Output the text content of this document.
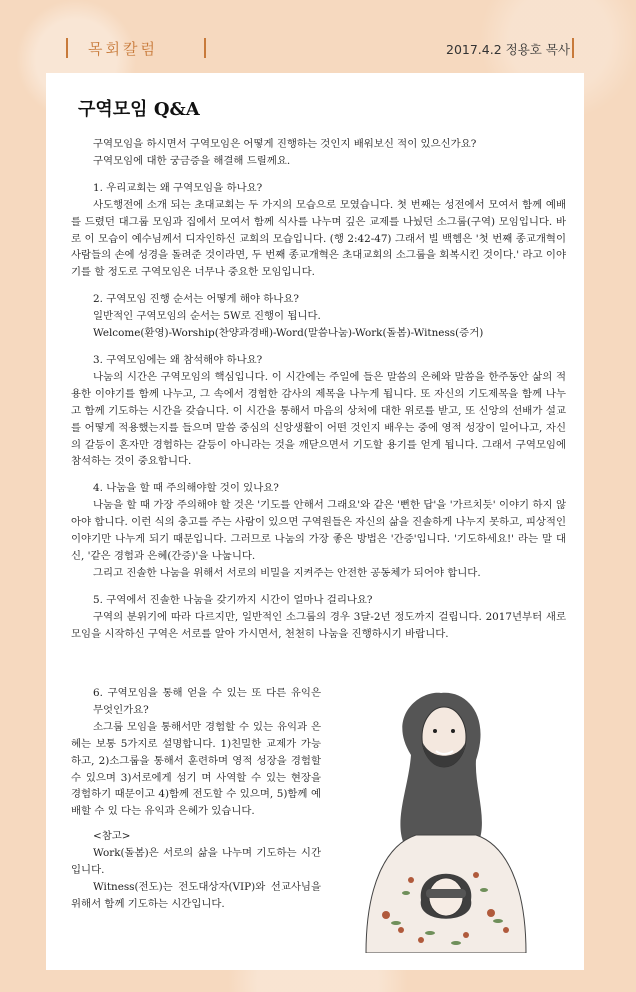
목회칼럼	2017.4.2 정용호 목사
구역모임 Q&A

구역모임을 하시면서 구역모임은 어떻게 진행하는 것인지 배워보신 적이 있으신가요?

구역모임에 대한 궁금증을 해결해 드릴께요.

1. 우리교회는 왜 구역모임을 하나요?

사도행전에 소개 되는 초대교회는 두 가지의 모습으로 모였습니다. 첫 번째는 성전에서 모여서 함께 예배를 드렸던 대그룹 모임과 집에서 모여서 함께 식사를 나누며 깊은 교제를 나눴던 소그룹(구역) 모임입니다. 바로 이 모습이 예수님께서 디자인하신 교회의 모습입니다. (행 2:42-47) 그래서 빌 백헴은 '첫 번째 종교개혁이 사람들의 손에 성경을 돌려준 것이라면, 두 번째 종교개혁은 초대교회의 소그룹을 회복시킨 것이다.' 라고 이야기를 할 정도로 구역모임은 너무나 중요한 모임입니다.

2. 구역모임 진행 순서는 어떻게 해야 하나요?

일반적인 구역모임의 순서는 5W로 진행이 됩니다.

Welcome(환영)-Worship(찬양과경배)-Word(말씀나눔)-Work(돌봄)-Witness(증거)

3. 구역모임에는 왜 참석해야 하나요?

나눔의 시간은 구역모임의 핵심입니다. 이 시간에는 주일에 들은 말씀의 은혜와 말씀을 한주동안 삶의 적용한 이야기를 함께 나누고, 그 속에서 경험한 감사의 제목을 나누게 됩니다. 또 자신의 기도제목을 함께 나누고 함께 기도하는 시간을 갖습니다. 이 시간을 통해서 마음의 상처에 대한 위로를 받고, 또 신앙의 선배가 설교를 어떻게 적용했는지를 들으며 말씀 중심의 신앙생활이 어떤 것인지 배우는 중에 영적 성장이 일어나고, 자신의 갈등이 혼자만 경험하는 갈등이 아니라는 것을 깨닫으면서 기도할 용기를 얻게 됩니다. 그래서 구역모임에 참석하는 것이 중요합니다.

4. 나눔을 할 때 주의해야할 것이 있나요?

나눔을 할 때 가장 주의해야 할 것은 '기도를 안해서 그래요'와 같은 '뻔한 답'을 '가르치듯' 이야기 하지 않아야 합니다. 이런 식의 충고를 주는 사람이 있으면 구역원들은 자신의 삶을 진솔하게 나누지 못하고, 피상적인 이야기만 나누게 되기 때문입니다. 그러므로 나눔의 가장 좋은 방법은 '간증'입니다. '기도하세요!' 라는 말 대신, '같은 경험과 은혜(간증)'을 나눕니다.

그리고 진솔한 나눔을 위해서 서로의 비밀을 지켜주는 안전한 공동체가 되어야 합니다.

5. 구역에서 진솔한 나눔을 갖기까지 시간이 얼마나 걸리나요?

구역의 분위기에 따라 다르지만, 일반적인 소그룹의 경우 3달-2년 정도까지 걸립니다. 2017년부터 새로 모임을 시작하신 구역은 서로를 알아 가시면서, 천천히 나눔을 진행하시기 바랍니다.

6. 구역모임을 통해 얻을 수 있는 또 다른 유익은 무엇인가요?

소그룹 모임을 통해서만 경험할 수 있는 유익과 은혜는 보통 5가지로 설명합니다. 1)친밀한 교제가 가능하고, 2)소그룹을 통해서 훈련하며 영적 성장을 경험할 수 있으며 3)서로에게 섬기 며 사역할 수 있는 현장을 경험하기 때문이고 4)함께 전도할 수 있으며, 5)함께 예배할 수 있 다는 유익과 은혜가 있습니다.

<참고>

Work(돌봄)은 서로의 삶을 나누며 기도하는 시간입니다.

Witness(전도)는 전도대상자(VIP)와 선교사님을 위해서 함께 기도하는 시간입니다.
